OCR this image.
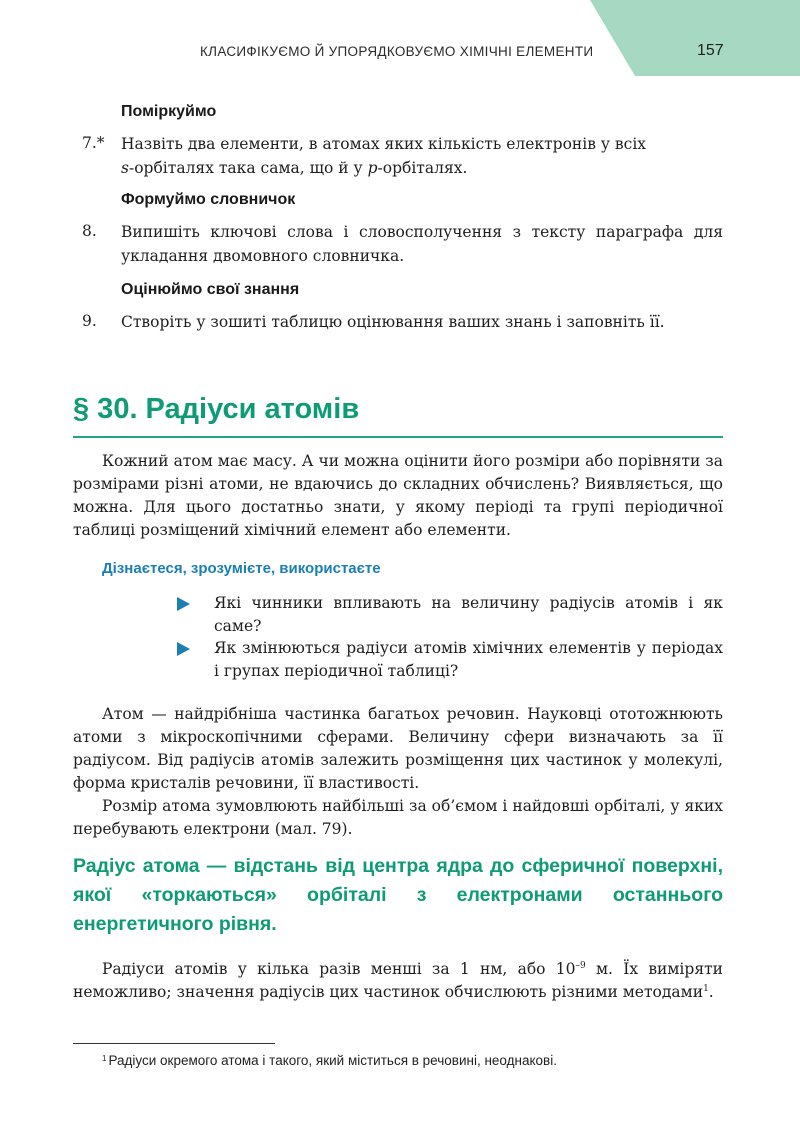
КЛАСИФІКУЄМО Й УПОРЯДКОВУЄМО ХІМІЧНІ ЕЛЕМЕНТИ	157
Поміркуймо
7.* Назвіть два елементи, в атомах яких кількість електронів у всіх
s-орбіталях така сама, що й у p-орбіталях.
Формуймо словничок
8. Випишіть ключові слова і словосполучення з тексту параграфа для укладання двомовного словничка.
Оцінюймо свої знання
9. Створіть у зошиті таблицю оцінювання ваших знань і заповніть її.
§ 30. Радіуси атомів

Кожний атом має масу. А чи можна оцінити його розміри або порівняти за розмірами різні атоми, не вдаючись до складних обчислень? Виявляється, що можна. Для цього достатньо знати, у якому періоді та групі періодичної таблиці розміщений хімічний елемент або елементи.

Дізнаєтеся, зрозумієте, використаєте
Які чинники впливають на величину радіусів атомів і як саме?
Як змінюються радіуси атомів хімічних елементів у періодах і групах періодичної таблиці?

Атом — найдрібніша частинка багатьох речовин. Науковці ототожнюють атоми з мікроскопічними сферами. Величину сфери визначають за її радіусом. Від радіусів атомів залежить розміщення цих частинок у молекулі, форма кристалів речовини, її властивості.

Розмір атома зумовлюють найбільші за об’ємом і найдовші орбіталі, у яких перебувають електрони (мал. 79).

Радіус атома — відстань від центра ядра до сферичної поверхні, якої «торкаються» орбіталі з електронами останнього енергетичного рівня.

Радіуси атомів у кілька разів менші за 1 нм, або $10^{-9}$ м. Їх виміряти неможливо; значення радіусів цих частинок обчислюють різними методами$^1$.

$^1$ Радіуси окремого атома і такого, який міститься в речовині, неоднакові.
